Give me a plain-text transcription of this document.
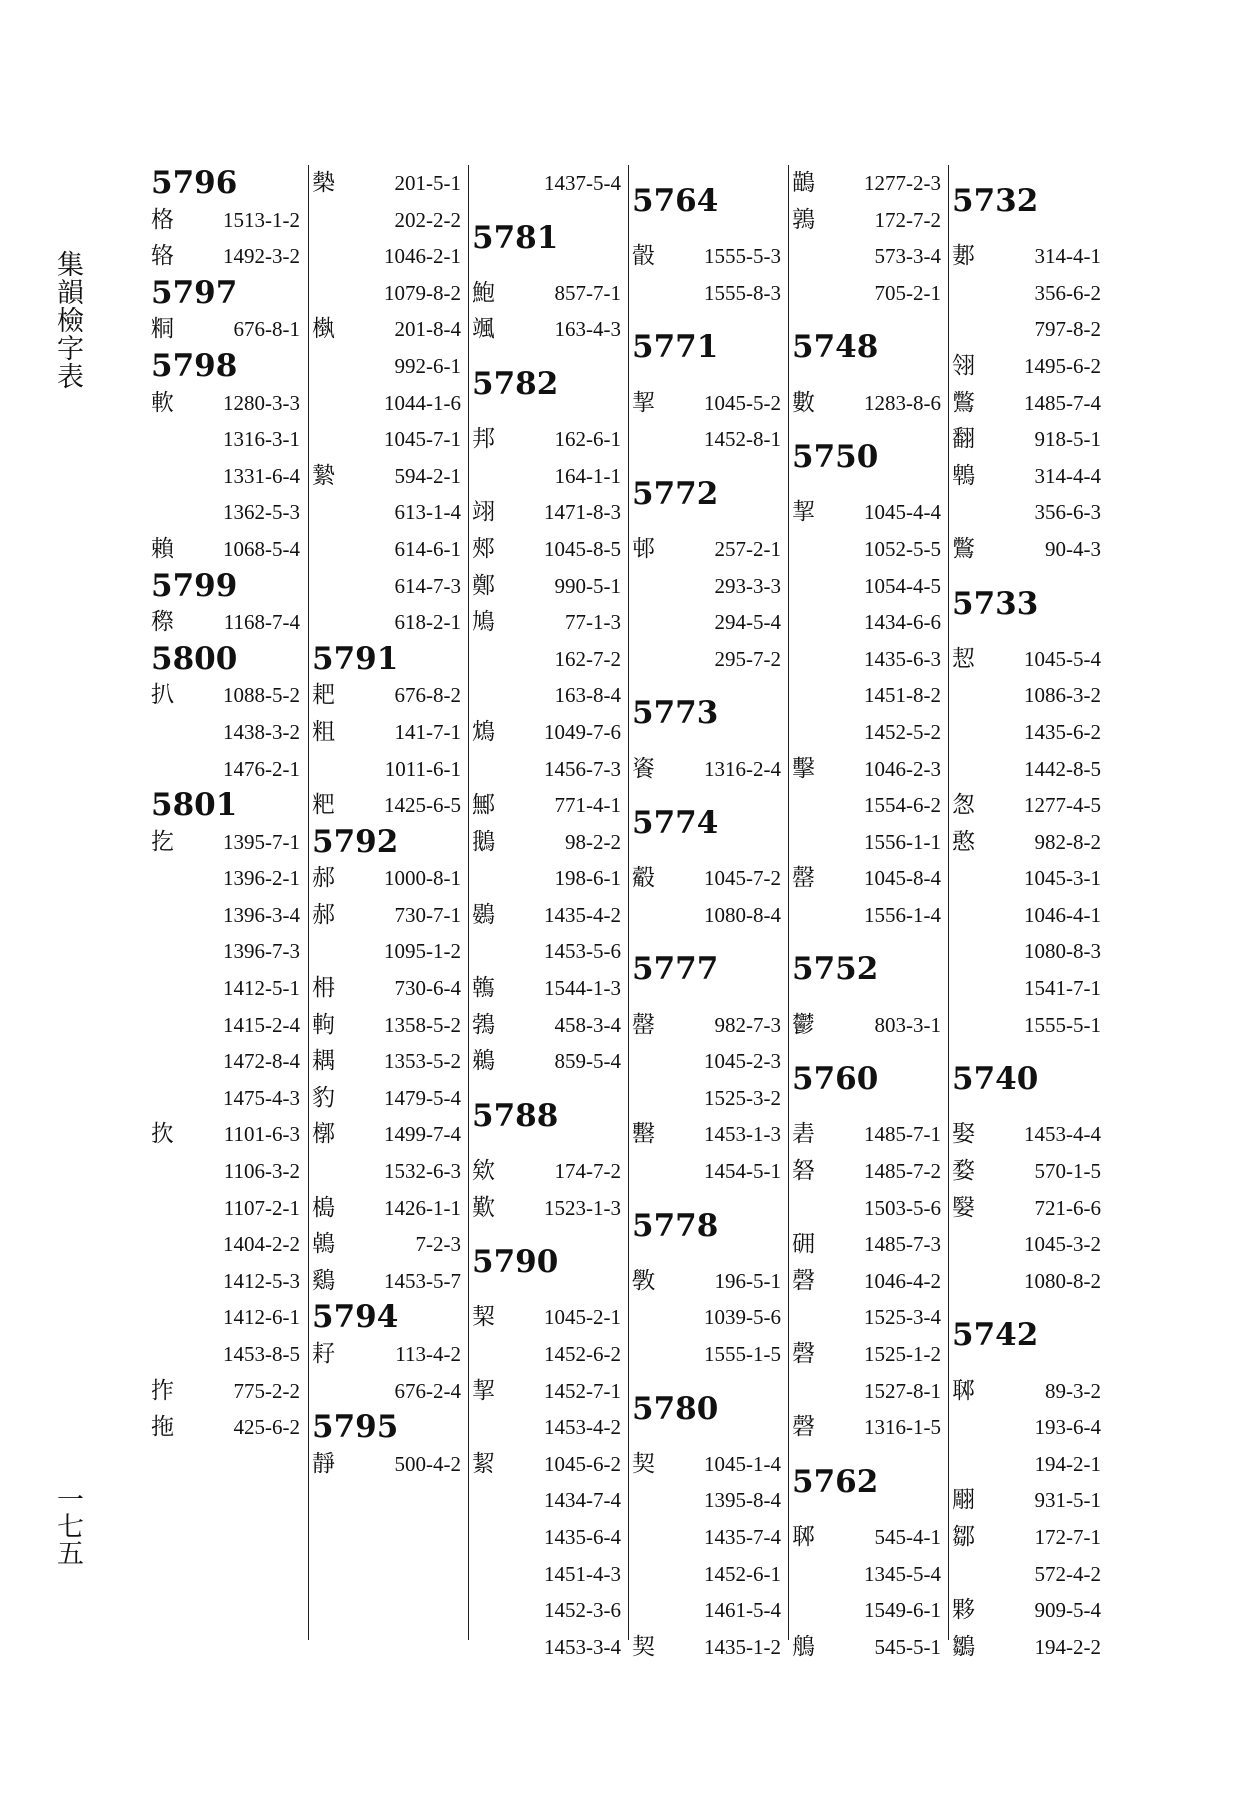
集韻檢字表
一七五
5796
格 1513-1-2
辂 1492-3-2
5797
粡	676-8-1
5798
軟 1280-3-3
1316-3-1
1331-6-4
1362-5-3
賴 1068-5-4
5799
穄 1168-7-4
5800
扒 1088-5-2
1438-3-2
1476-2-1
5801
扢 1395-7-1
1396-2-1
1396-3-4
1396-7-3
1412-5-1
1415-2-4
1472-8-4
1475-4-3
扻 1101-6-3
1106-3-2
1107-2-1
1404-2-2
1412-5-3
1412-6-1
1453-8-5
拃	775-2-2
拖	425-6-2
槷	201-5-1
202-2-2
1046-2-1
1079-8-2
槸	201-8-4
992-6-1
1044-1-6
1045-7-1
縶	594-2-1
613-1-4
614-6-1
614-7-3
618-2-1
5791
耙	676-8-2
粗	141-7-1
1011-6-1
粑 1425-6-5
5792
郝 1000-8-1
郝	730-7-1
1095-1-2
枏	730-6-4
軥 1358-5-2
耦 1353-5-2
豹 1479-5-4
槨 1499-7-4
1532-6-3
槝 1426-1-1
鵫	7-2-3
鷄 1453-5-7
5794
耔	113-4-2
676-2-4
5795
靜	500-4-2
1437-5-4
5781
鮑	857-7-1
颯	163-4-3
5782
邦	162-6-1
164-1-1
翊 1471-8-3
郟 1045-8-5
鄭	990-5-1
鳩	77-1-3
162-7-2
163-8-4
鴆 1049-7-6
1456-7-3
鄦	771-4-1
鵝	98-2-2
198-6-1
鷃 1435-4-2
1453-5-6
鶾 1544-1-3
鵓	458-3-4
鵜	859-5-4
5788
欸	174-7-2
歎 1523-1-3
5790
栔 1045-2-1
1452-6-2
挈 1452-7-1
1453-4-2
絜 1045-6-2
1434-7-4
1435-6-4
1451-4-3
1452-3-6
1453-3-4
5764
瞉 1555-5-3
1555-8-3
5771
挈 1045-5-2
1452-8-1
5772
邨	257-2-1
293-3-3
294-5-4
295-7-2
5773
餈 1316-2-4
5774
觳 1045-7-2
1080-8-4
5777
罄	982-7-3
1045-2-3
1525-3-2
罊 1453-1-3
1454-5-1
5778
斆	196-5-1
1039-5-6
1555-1-5
5780
契 1045-1-4
1395-8-4
1435-7-4
1452-6-1
1461-5-4
契 1435-1-2
鶓 1277-2-3
鶉	172-7-2
573-3-4
705-2-1
5748
數 1283-8-6
5750
挈 1045-4-4
1052-5-5
1054-4-5
1434-6-6
1435-6-3
1451-8-2
1452-5-2
擊 1046-2-3
1554-6-2
1556-1-1
罄 1045-8-4
1556-1-4
5752
鬱	803-3-1
5760
砉 1485-7-1
砮 1485-7-2
1503-5-6
砽 1485-7-3
磬 1046-4-2
1525-3-4
磬 1525-1-2
1527-8-1
磬 1316-1-5
5762
郰	545-4-1
1345-5-4
1549-6-1
鵃	545-5-1
5732
郪	314-4-1
356-6-2
797-8-2
翎 1495-6-2
鷩 1485-7-4
翻	918-5-1
鵯	314-4-4
356-6-3
鷩	90-4-3
5733
恝 1045-5-4
1086-3-2
1435-6-2
1442-8-5
怱 1277-4-5
憨	982-8-2
1045-3-1
1046-4-1
1080-8-3
1541-7-1
1555-5-1
5740
娶 1453-4-4
婺	570-1-5
嫛	721-6-6
1045-3-2
1080-8-2
5742
郰	89-3-2
193-6-4
194-2-1
翢	931-5-1
鄒	172-7-1
572-4-2
夥	909-5-4
鶵	194-2-2
